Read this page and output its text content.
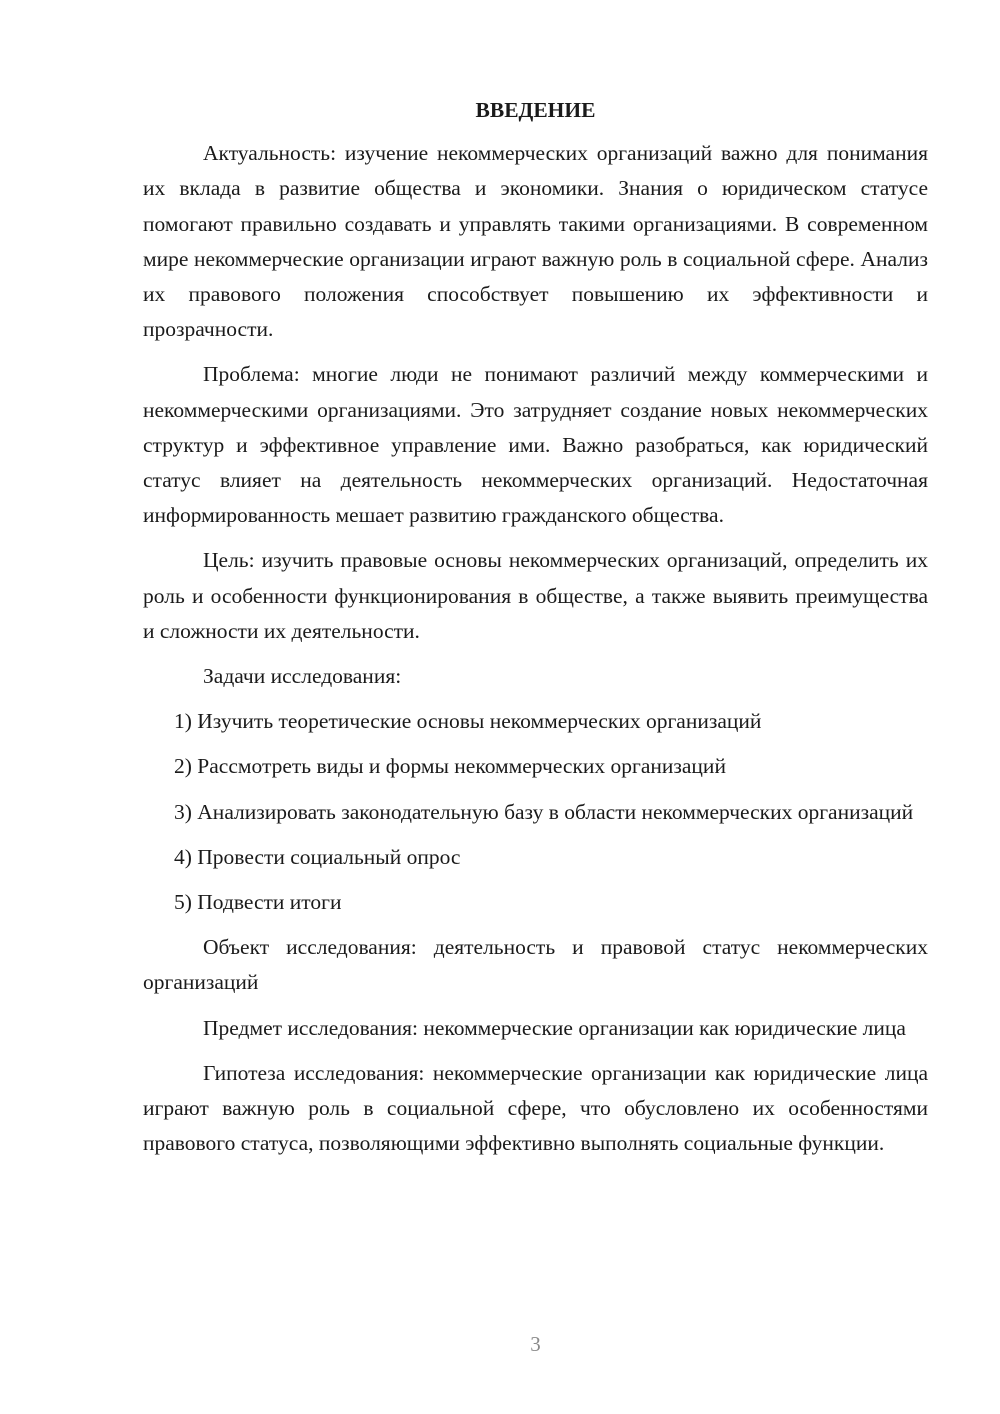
ВВЕДЕНИЕ

Актуальность: изучение некоммерческих организаций важно для понимания их вклада в развитие общества и экономики. Знания о юридическом статусе помогают правильно создавать и управлять такими организациями. В современном мире некоммерческие организации играют важную роль в социальной сфере. Анализ их правового положения способствует повышению их эффективности и прозрачности.

Проблема: многие люди не понимают различий между коммерческими и некоммерческими организациями. Это затрудняет создание новых некоммерческих структур и эффективное управление ими. Важно разобраться, как юридический статус влияет на деятельность некоммерческих организаций. Недостаточная информированность мешает развитию гражданского общества.

Цель: изучить правовые основы некоммерческих организаций, определить их роль и особенности функционирования в обществе, а также выявить преимущества и сложности их деятельности.

Задачи исследования:

1) Изучить теоретические основы некоммерческих организаций

2) Рассмотреть виды и формы некоммерческих организаций

3) Анализировать законодательную базу в области некоммерческих организаций

4) Провести социальный опрос

5) Подвести итоги

Объект исследования: деятельность и правовой статус некоммерческих организаций

Предмет исследования: некоммерческие организации как юридические лица

Гипотеза исследования: некоммерческие организации как юридические лица играют важную роль в социальной сфере, что обусловлено их особенностями правового статуса, позволяющими эффективно выполнять социальные функции.

3
